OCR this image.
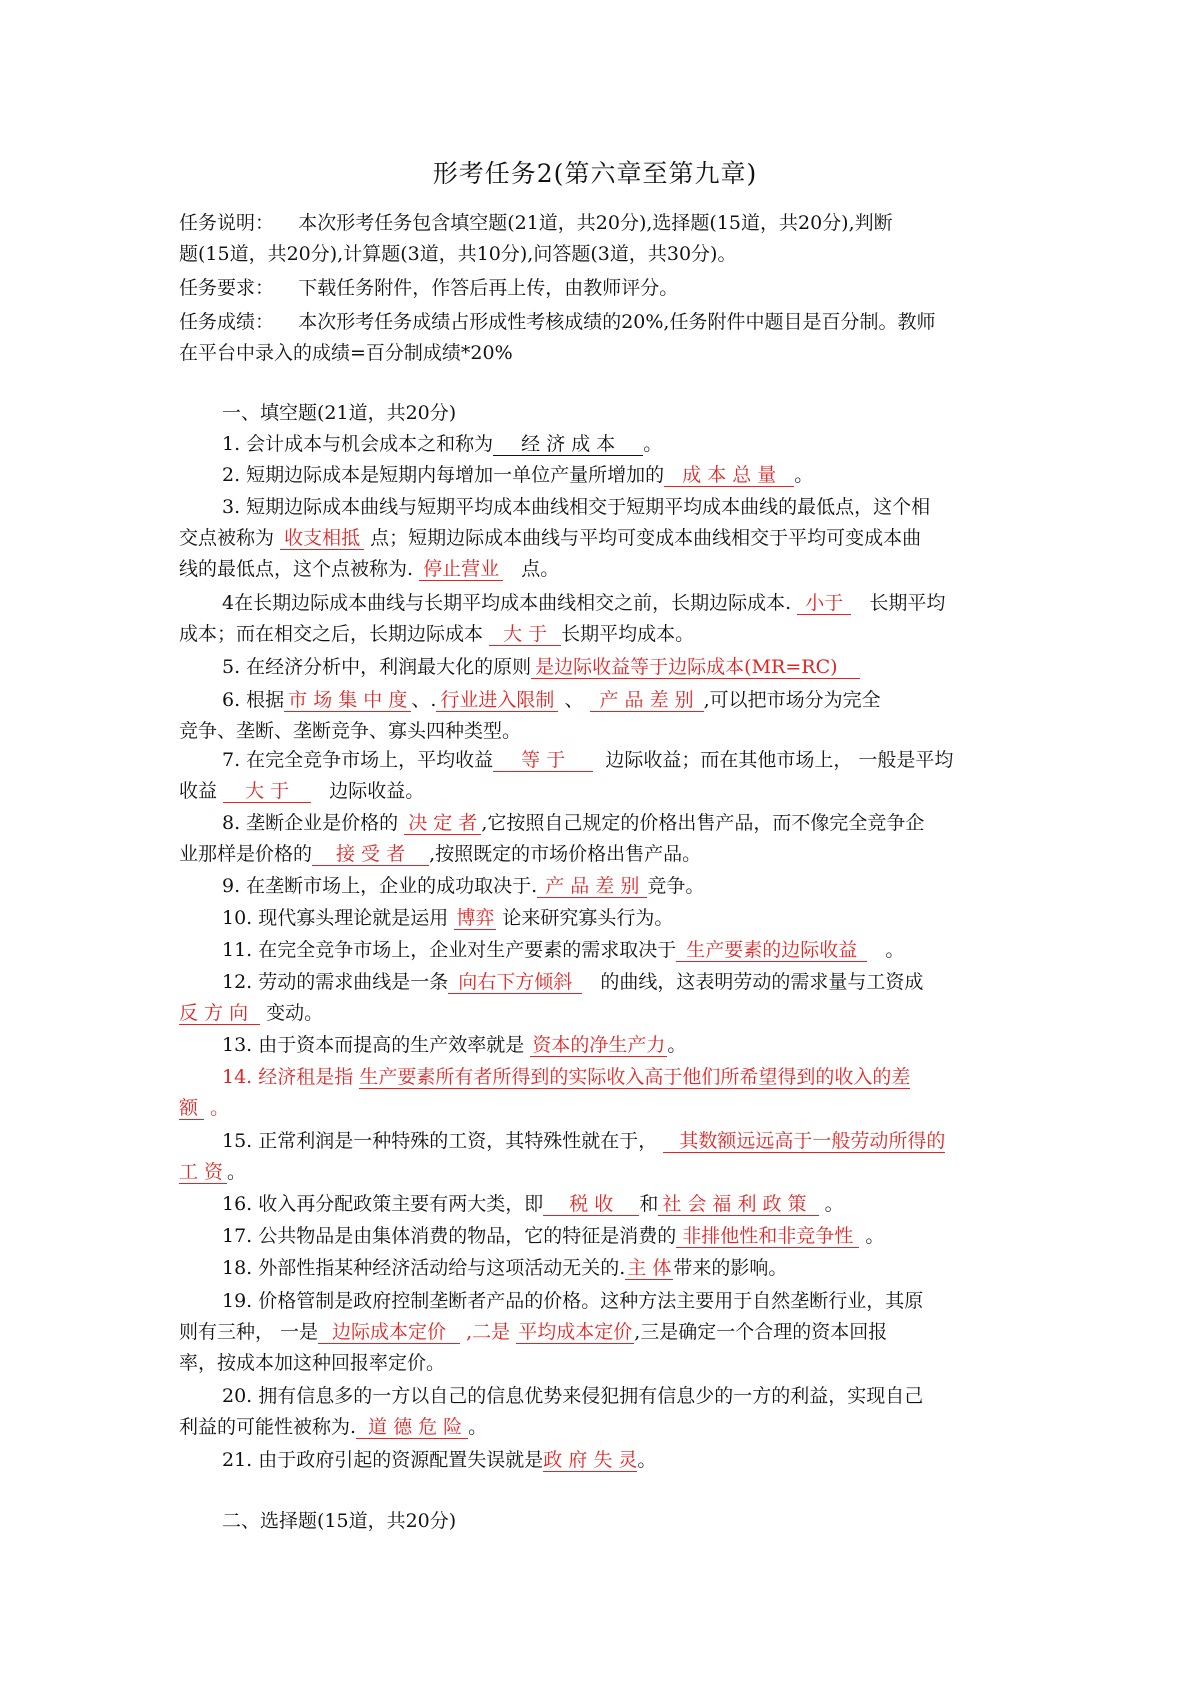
形考任务2(第六章至第九章)
任务说明： 本次形考任务包含填空题(21道，共20分),选择题(15道，共20分),判断
题(15道，共20分),计算题(3道，共10分),问答题(3道，共30分)。
任务要求： 下载任务附件，作答后再上传，由教师评分。
任务成绩： 本次形考任务成绩占形成性考核成绩的20%,任务附件中题目是百分制。教师
在平台中录入的成绩=百分制成绩*20%
一、填空题(21道，共20分)
1. 会计成本与机会成本之和称为 经 济 成 本 。
2. 短期边际成本是短期内每增加一单位产量所增加的 成 本 总 量 。
3. 短期边际成本曲线与短期平均成本曲线相交于短期平均成本曲线的最低点，这个相
交点被称为 收支相抵 点；短期边际成本曲线与平均可变成本曲线相交于平均可变成本曲
线的最低点，这个点被称为. 停止营业 点。
4在长期边际成本曲线与长期平均成本曲线相交之前，长期边际成本. 小于 长期平均
成本；而在相交之后，长期边际成本 大 于 长期平均成本。
5. 在经济分析中，利润最大化的原则 是边际收益等于边际成本(MR=RC)
6. 根据 市 场 集 中 度 、. 行业进入限制 、 产 品 差 别 ,可以把市场分为完全
竞争、垄断、垄断竞争、寡头四种类型。
7. 在完全竞争市场上，平均收益 等 于 边际收益；而在其他市场上， 一般是平均
收益 大 于 边际收益。
8. 垄断企业是价格的 决 定 者 ,它按照自己规定的价格出售产品，而不像完全竞争企
业那样是价格的 接 受 者 ,按照既定的市场价格出售产品。
9. 在垄断市场上，企业的成功取决于. 产 品 差 别 竞争。
10. 现代寡头理论就是运用 博弈 论来研究寡头行为。
11. 在完全竞争市场上，企业对生产要素的需求取决于 生产要素的边际收益 。
12. 劳动的需求曲线是一条 向右下方倾斜 的曲线，这表明劳动的需求量与工资成
反 方 向 变动。
13. 由于资本而提高的生产效率就是 资本的净生产力 。
14. 经济租是指 生产要素所有者所得到的实际收入高于他们所希望得到的收入的差
额 。
15. 正常利润是一种特殊的工资，其特殊性就在于， 其数额远远高于一般劳动所得的
工 资 。
16. 收入再分配政策主要有两大类，即 税 收 和 社 会 福 利 政 策 。
17. 公共物品是由集体消费的物品，它的特征是消费的 非排他性和非竞争性 。
18. 外部性指某种经济活动给与这项活动无关的. 主 体 带来的影响。
19. 价格管制是政府控制垄断者产品的价格。这种方法主要用于自然垄断行业，其原
则有三种， 一是 边际成本定价 ,二是 平均成本定价 ,三是确定一个合理的资本回报
率，按成本加这种回报率定价。
20. 拥有信息多的一方以自己的信息优势来侵犯拥有信息少的一方的利益，实现自己
利益的可能性被称为. 道 德 危 险 。
21. 由于政府引起的资源配置失误就是政 府 失 灵。
二、选择题(15道，共20分)
